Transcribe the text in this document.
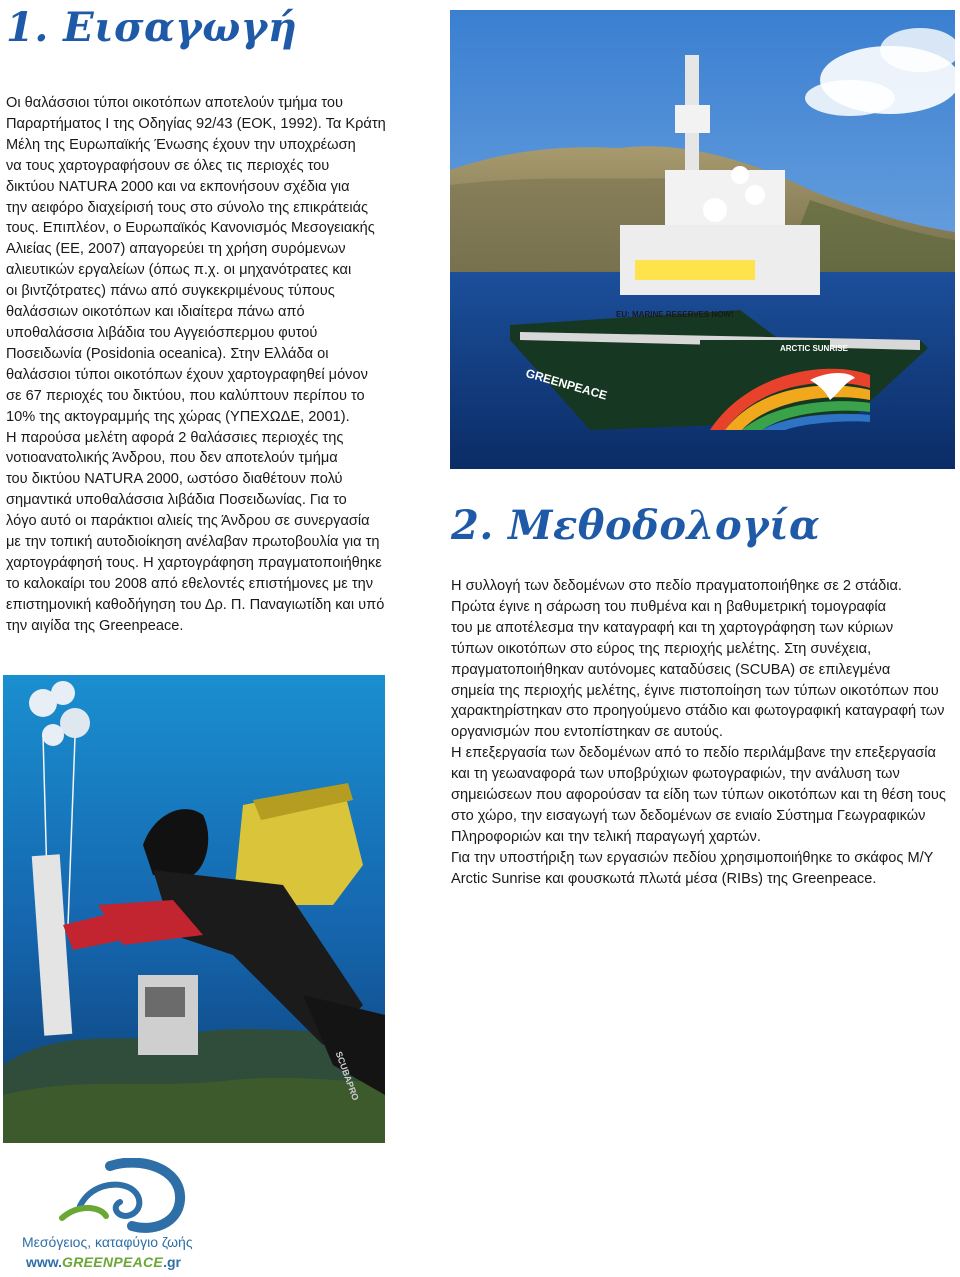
1. Εισαγωγή
Οι θαλάσσιοι τύποι οικοτόπων αποτελούν τμήμα του
Παραρτήματος Ι της Οδηγίας 92/43 (ΕΟΚ, 1992). Τα Κράτη
Μέλη της Ευρωπαϊκής Ένωσης έχουν την υποχρέωση
να τους χαρτογραφήσουν σε όλες τις περιοχές του
δικτύου NATURA 2000 και να εκπονήσουν σχέδια για
την αειφόρο διαχείρισή τους στο σύνολο της επικράτειάς
τους. Επιπλέον, ο Ευρωπαϊκός Κανονισμός Μεσογειακής
Αλιείας (ΕΕ, 2007) απαγορεύει τη χρήση συρόμενων
αλιευτικών εργαλείων (όπως π.χ. οι μηχανότρατες και
οι βιντζότρατες) πάνω από συγκεκριμένους τύπους
θαλάσσιων οικοτόπων και ιδιαίτερα πάνω από
υποθαλάσσια λιβάδια του Αγγειόσπερμου φυτού
Ποσειδωνία (Posidonia oceanica). Στην Ελλάδα οι
θαλάσσιοι τύποι οικοτόπων έχουν χαρτογραφηθεί μόνον
σε 67 περιοχές του δικτύου, που καλύπτουν περίπου το
10% της ακτογραμμής της χώρας (ΥΠΕΧΩΔΕ, 2001).
Η παρούσα μελέτη αφορά 2 θαλάσσιες περιοχές της
νοτιοανατολικής Άνδρου, που δεν αποτελούν τμήμα
του δικτύου NATURA 2000, ωστόσο διαθέτουν πολύ
σημαντικά υποθαλάσσια λιβάδια Ποσειδωνίας. Για το
λόγο αυτό οι παράκτιοι αλιείς της Άνδρου σε συνεργασία
με την τοπική αυτοδιοίκηση ανέλαβαν πρωτοβουλία για τη
χαρτογράφησή τους. Η χαρτογράφηση πραγματοποιήθηκε
το καλοκαίρι του 2008 από εθελοντές επιστήμονες με την
επιστημονική καθοδήγηση του Δρ. Π. Παναγιωτίδη και υπό
την αιγίδα της Greenpeace.
EU: MARINE RESERVES NOW!
GREENPEACE
ARCTIC SUNRISE
2. Μεθοδολογία
Η συλλογή των δεδομένων στο πεδίο πραγματοποιήθηκε σε 2 στάδια.
Πρώτα έγινε η σάρωση του πυθμένα και η βαθυμετρική τομογραφία
του με αποτέλεσμα την καταγραφή και τη χαρτογράφηση των κύριων
τύπων οικοτόπων στο εύρος της περιοχής μελέτης. Στη συνέχεια,
πραγματοποιήθηκαν αυτόνομες καταδύσεις (SCUBA) σε επιλεγμένα
σημεία της περιοχής μελέτης, έγινε πιστοποίηση των τύπων οικοτόπων που
χαρακτηρίστηκαν στο προηγούμενο στάδιο και φωτογραφική καταγραφή των
οργανισμών που εντοπίστηκαν σε αυτούς.
Η επεξεργασία των δεδομένων από το πεδίο περιλάμβανε την επεξεργασία
και τη γεωαναφορά των υποβρύχιων φωτογραφιών, την ανάλυση των
σημειώσεων που αφορούσαν τα είδη των τύπων οικοτόπων και τη θέση τους
στο χώρο, την εισαγωγή των δεδομένων σε ενιαίο Σύστημα Γεωγραφικών
Πληροφοριών και την τελική παραγωγή χαρτών.
Για την υποστήριξη των εργασιών πεδίου χρησιμοποιήθηκε το σκάφος Μ/Υ
Arctic Sunrise και φουσκωτά πλωτά μέσα (RIBs) της Greenpeace.
SCUBAPRO
Μεσόγειος, καταφύγιο ζωής
www.GREENPEACE.gr
